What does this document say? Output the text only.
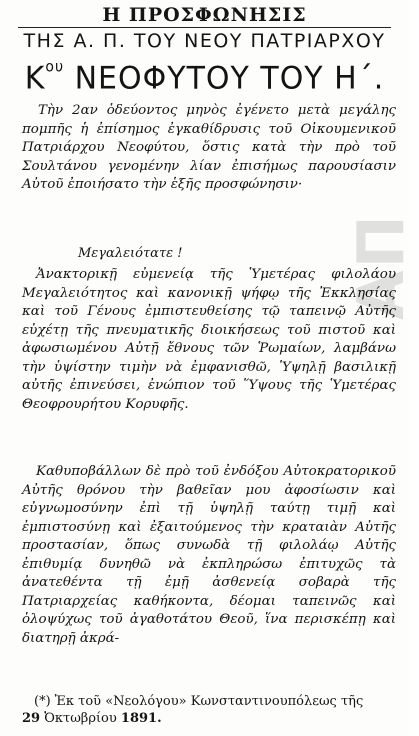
Η ΠΡΟΣΦΩΝΗΣΙΣ
ΤΗΣ Α. Π. ΤΟΥ ΝΕΟΥ ΠΑΤΡΙΑΡΧΟΥ
$K^{o\upsilon}$ ΝΕΟΦΥΤΟΥ ΤΟΥ Η΄.
Τὴν 2αν ὁδεύοντος μηνὸς ἐγένετο μετὰ μεγάλης πομπῆς ἡ ἐπίσημος ἐγκαθίδρυσις τοῦ Οἰκουμενικοῦ Πατριάρχου Νεοφύτου, ὅστις κατὰ τὴν πρὸ τοῦ Σουλτάνου γενομένην λίαν ἐπισήμως παρουσίασιν Αὐτοῦ ἐποιήσατο τὴν ἑξῆς προσφώνησιν·
Μεγαλειότατε !
Ἀνακτορικῇ εὐμενείᾳ τῆς Ὑμετέρας φιλολάου Μεγαλειότητος καὶ κανονικῇ ψήφῳ τῆς Ἐκκλησίας καὶ τοῦ Γένους ἐμπιστευθείσης τῷ ταπεινῷ Αὐτῆς εὐχέτῃ τῆς πνευματικῆς διοικήσεως τοῦ πιστοῦ καὶ ἀφωσιωμένου Αὐτῇ ἔθνους τῶν Ῥωμαίων, λαμβάνω τὴν ὑψίστην τιμὴν νὰ ἐμφανισθῶ, Ὑψηλῇ βασιλικῇ αὐτῆς ἐπινεύσει, ἐνώπιον τοῦ Ὕψους τῆς Ὑμετέρας Θεοφρουρήτου Κορυφῆς.
Καθυποβάλλων δὲ πρὸ τοῦ ἐνδόξου Αὐτοκρατορικοῦ Αὐτῆς θρόνου τὴν βαθεῖαν μου ἀφοσίωσιν καὶ εὐγνωμοσύνην ἐπὶ τῇ ὑψηλῇ ταύτῃ τιμῇ καὶ ἐμπιστοσύνῃ καὶ ἐξαιτούμενος τὴν κραταιὰν Αὐτῆς προστασίαν, ὅπως συνωδὰ τῇ φιλολάῳ Αὐτῆς ἐπιθυμίᾳ δυνηθῶ νὰ ἐκπληρώσω ἐπιτυχῶς τὰ ἀνατεθέντα τῇ ἐμῇ ἀσθενείᾳ σοβαρὰ τῆς Πατριαρχείας καθήκοντα, δέομαι ταπεινῶς καὶ ὁλοψύχως τοῦ ἀγαθοτάτου Θεοῦ, ἵνα περισκέπῃ καὶ διατηρῇ ἀκρά-
(*) Ἐκ τοῦ «Νεολόγου» Κωνσταντινουπόλεως τῆς
29 Ὀκτωβρίου 1891.
ΑΠ
